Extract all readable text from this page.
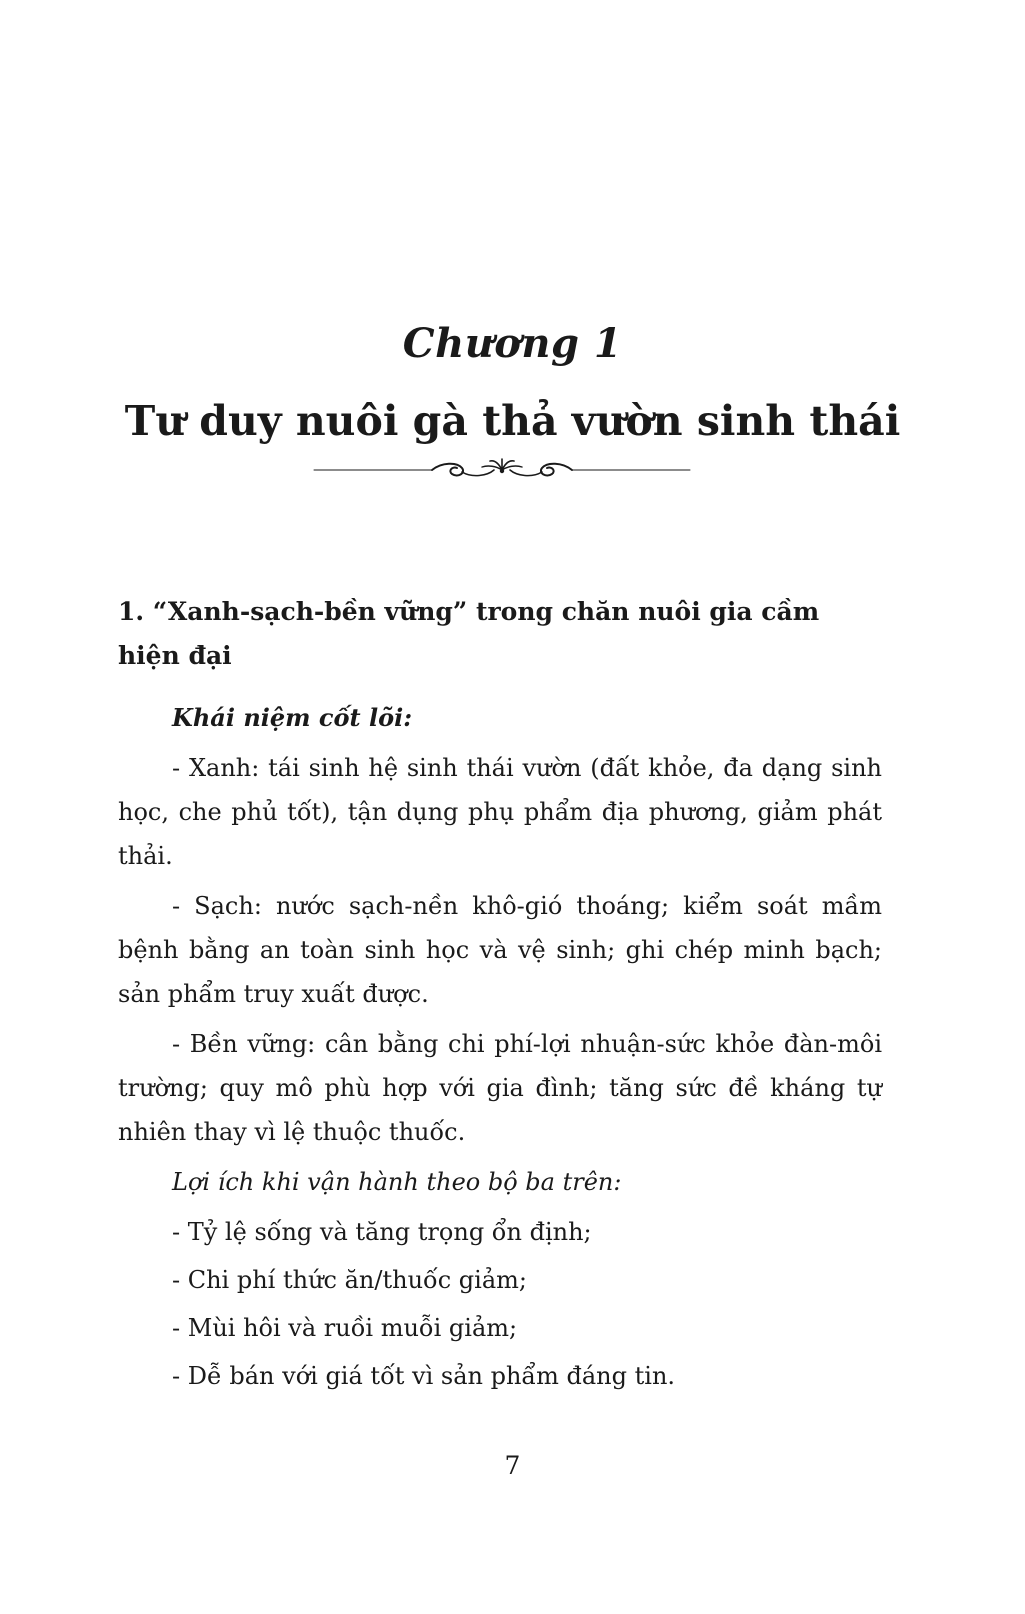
Chương 1
Tư duy nuôi gà thả vườn sinh thái
1. “Xanh-sạch-bền vững” trong chăn nuôi gia cầm hiện đại
Khái niệm cốt lõi:
- Xanh: tái sinh hệ sinh thái vườn (đất khỏe, đa dạng sinh học, che phủ tốt), tận dụng phụ phẩm địa phương, giảm phát thải.
- Sạch: nước sạch-nền khô-gió thoáng; kiểm soát mầm bệnh bằng an toàn sinh học và vệ sinh; ghi chép minh bạch; sản phẩm truy xuất được.
- Bền vững: cân bằng chi phí-lợi nhuận-sức khỏe đàn-môi trường; quy mô phù hợp với gia đình; tăng sức đề kháng tự nhiên thay vì lệ thuộc thuốc.
Lợi ích khi vận hành theo bộ ba trên:
- Tỷ lệ sống và tăng trọng ổn định;
- Chi phí thức ăn/thuốc giảm;
- Mùi hôi và ruồi muỗi giảm;
- Dễ bán với giá tốt vì sản phẩm đáng tin.
7
